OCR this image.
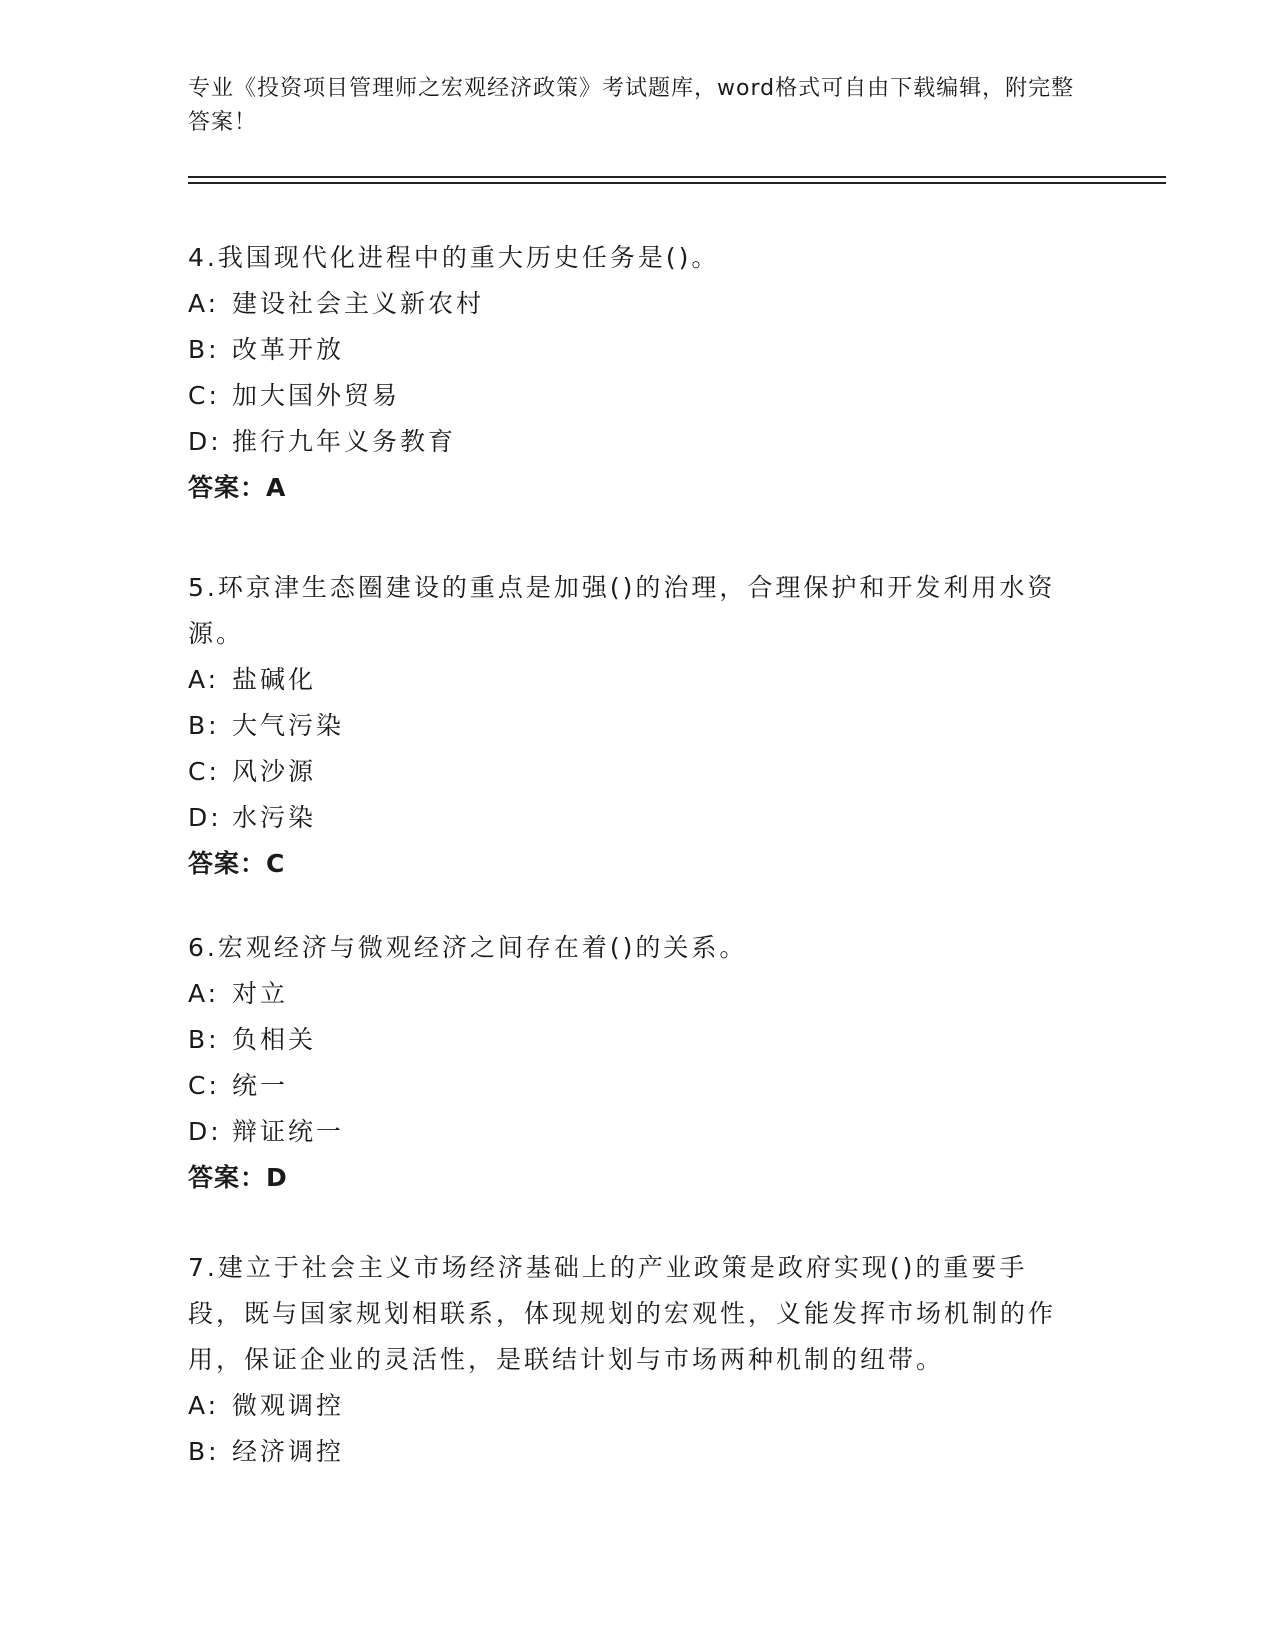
专业《投资项目管理师之宏观经济政策》考试题库，word格式可自由下载编辑，附完整答案！
4.我国现代化进程中的重大历史任务是()。
A: 建设社会主义新农村
B: 改革开放
C: 加大国外贸易
D: 推行九年义务教育
答案：A
5.环京津生态圈建设的重点是加强()的治理，合理保护和开发利用水资源。
A: 盐碱化
B: 大气污染
C: 风沙源
D: 水污染
答案：C
6.宏观经济与微观经济之间存在着()的关系。
A: 对立
B: 负相关
C: 统一
D: 辩证统一
答案：D
7.建立于社会主义市场经济基础上的产业政策是政府实现()的重要手段，既与国家规划相联系，体现规划的宏观性，义能发挥市场机制的作用，保证企业的灵活性，是联结计划与市场两种机制的纽带。
A: 微观调控
B: 经济调控
